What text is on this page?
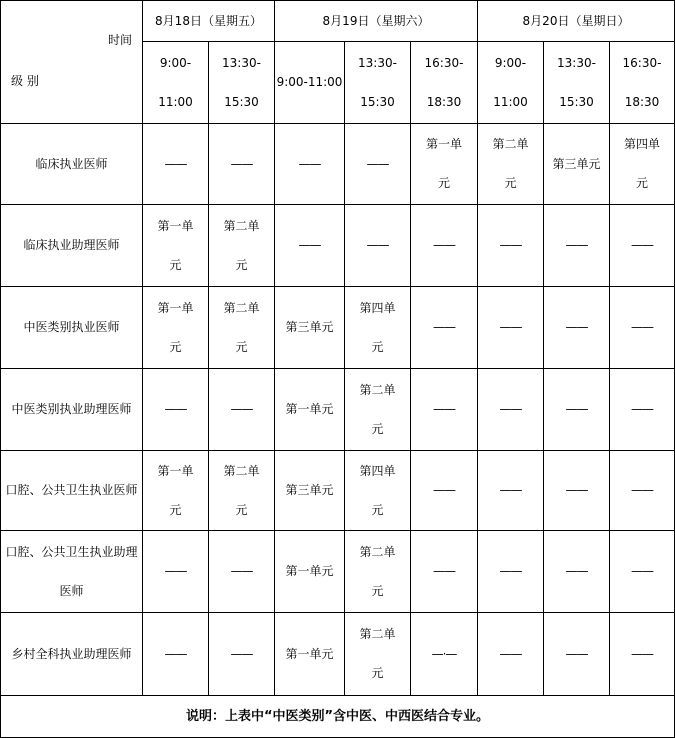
时间
级 别	8月18日（星期五）		8月19日（星期六）			8月20日（星期日）		
	9:00-11:00	13:30-15:30	9:00-11:00	13:30-15:30	16:30-18:30	9:00-11:00	13:30-15:30	16:30-18:30
临床执业医师	——	——	——	——	第一单元	第二单元	第三单元	第四单元
临床执业助理医师	第一单元	第二单元	——	——	——	——	——	——
中医类别执业医师	第一单元	第二单元	第三单元	第四单元	——	——	——	——
中医类别执业助理医师	——	——	第一单元	第二单元	——	——	——	——
口腔、公共卫生执业医师	第一单元	第二单元	第三单元	第四单元	——	——	——	——
口腔、公共卫生执业助理医师	——	——	第一单元	第二单元	——	——	——	——
乡村全科执业助理医师	——	——	第一单元	第二单元	—·—	——	——	——
说明：上表中“中医类别”含中医、中西医结合专业。								
